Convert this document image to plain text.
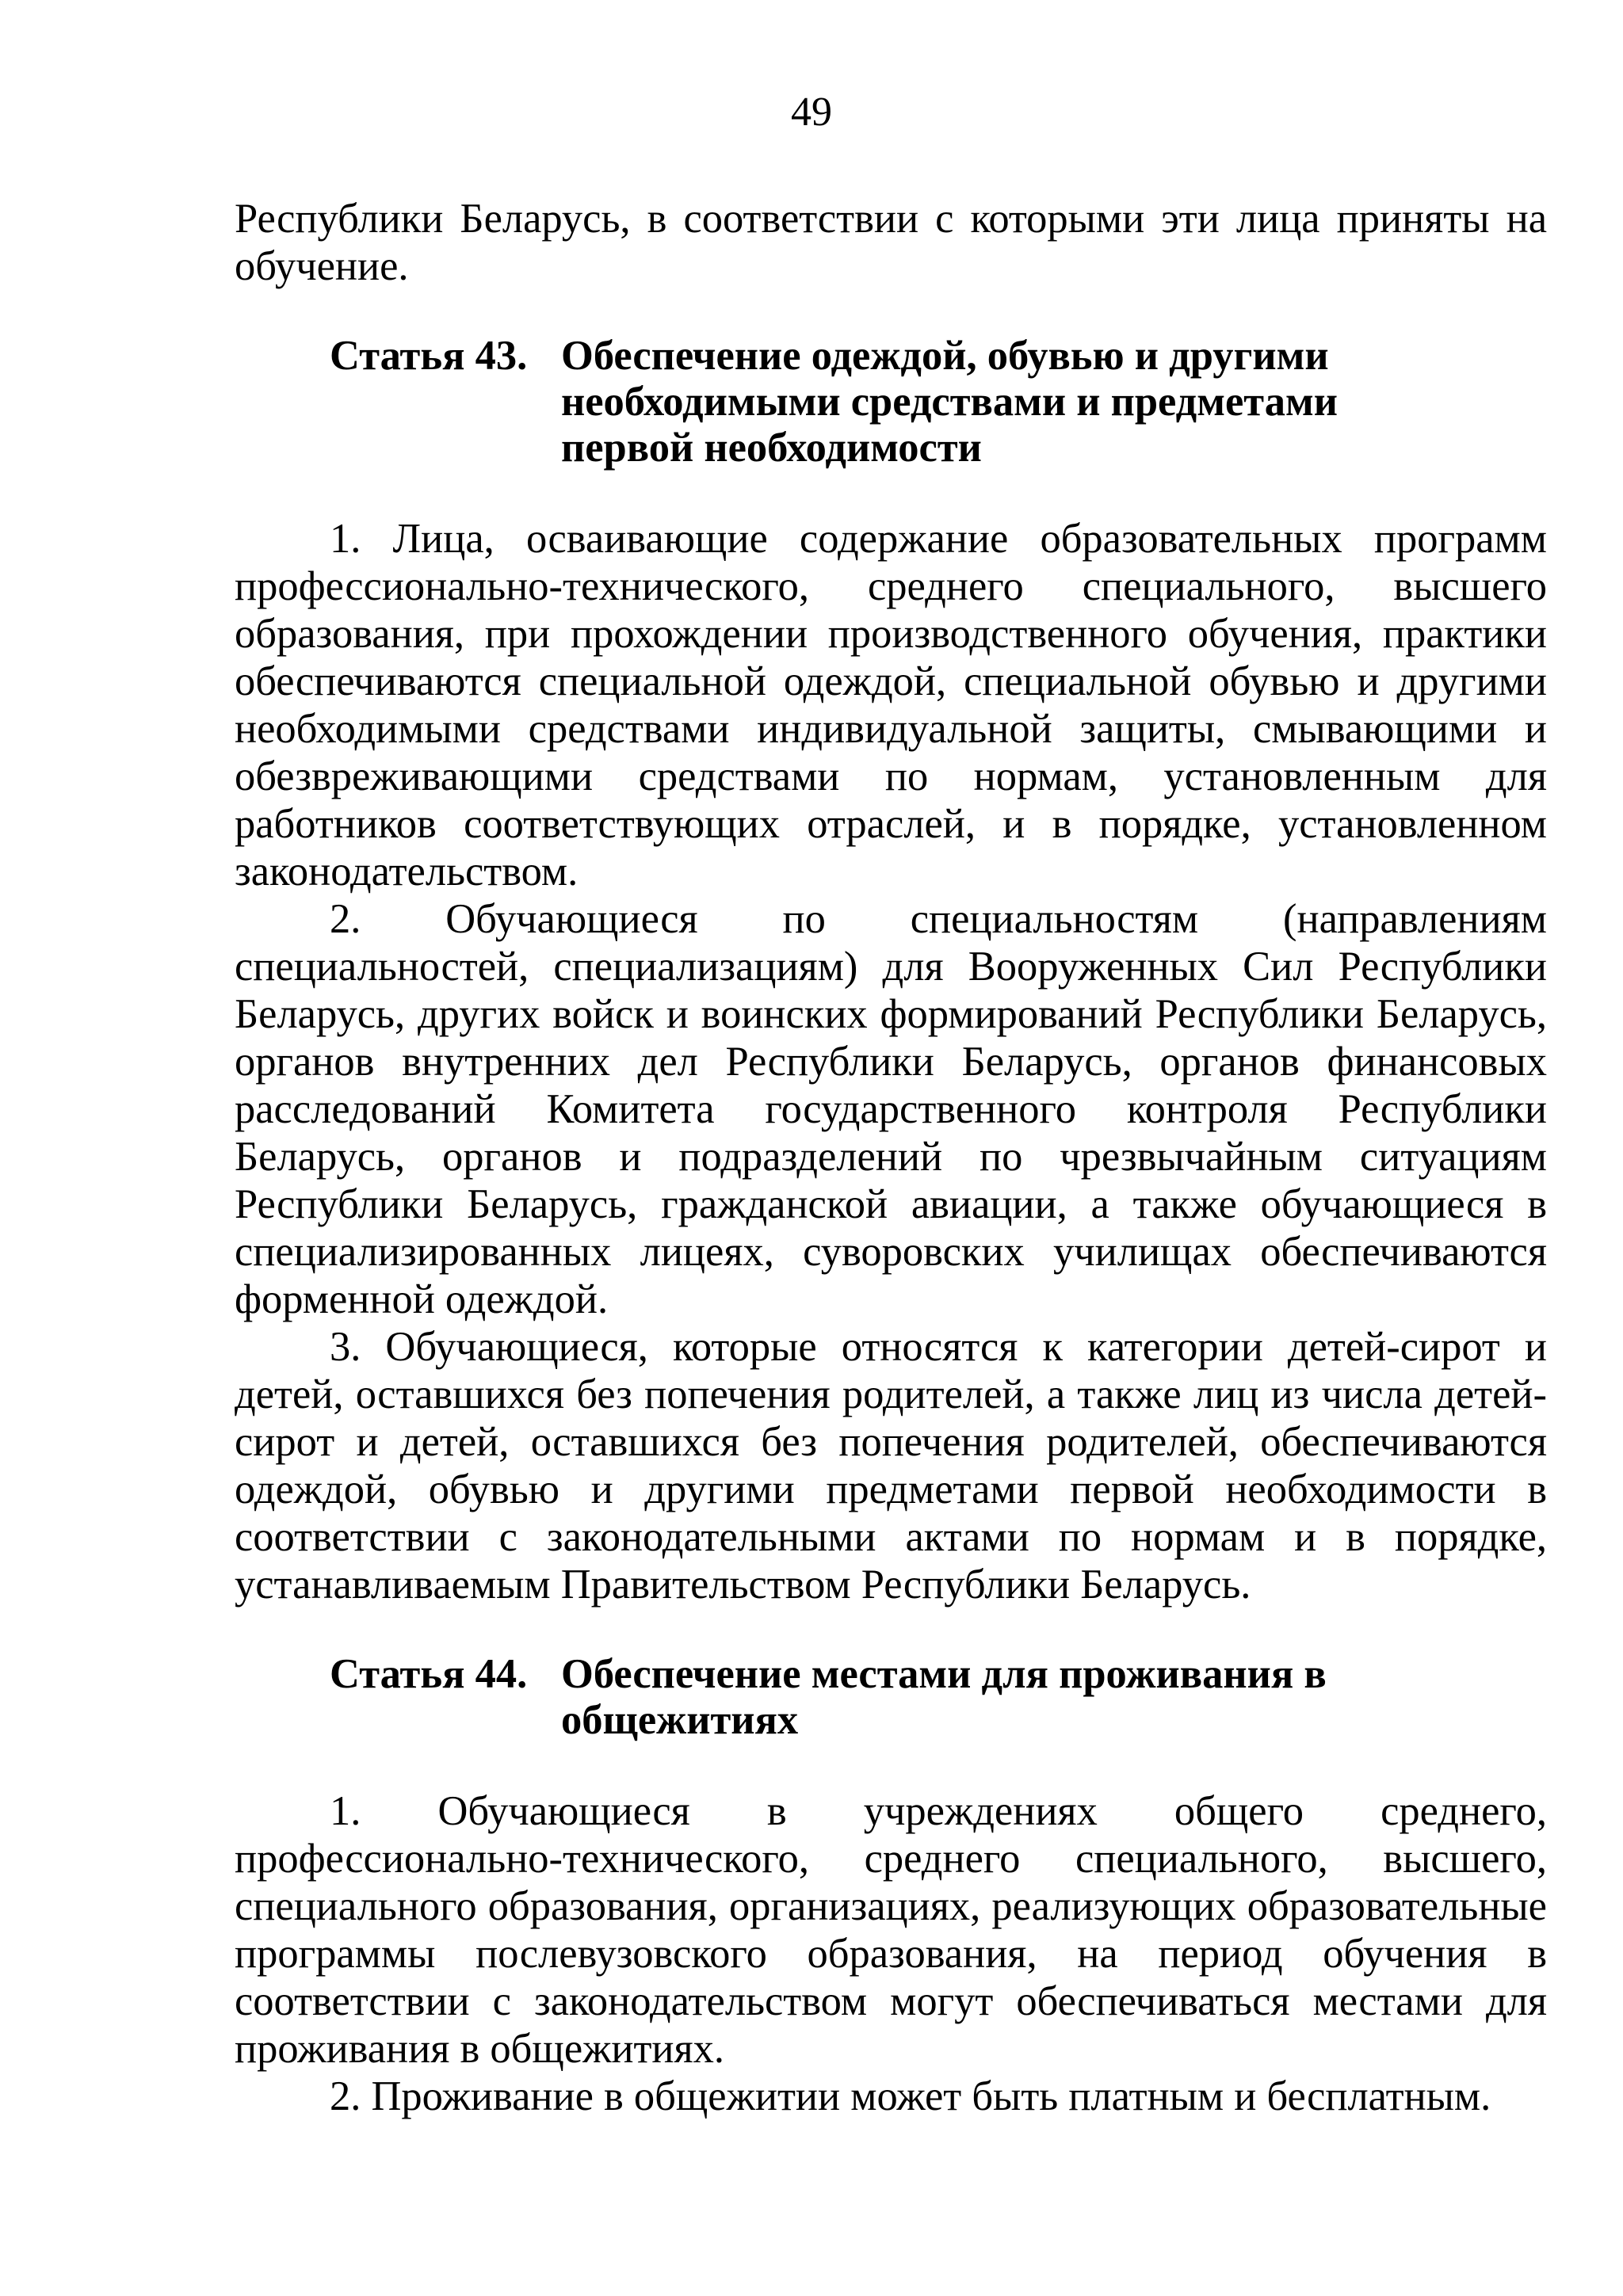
49

Республики Беларусь, в соответствии с которыми эти лица приняты на обучение.

Статья 43. Обеспечение одеждой, обувью и другими необходимыми средствами и предметами первой необходимости

1. Лица, осваивающие содержание образовательных программ профессионально-технического, среднего специального, высшего образования, при прохождении производственного обучения, практики обеспечиваются специальной одеждой, специальной обувью и другими необходимыми средствами индивидуальной защиты, смывающими и обезвреживающими средствами по нормам, установленным для работников соответствующих отраслей, и в порядке, установленном законодательством.

2. Обучающиеся по специальностям (направлениям специальностей, специализациям) для Вооруженных Сил Республики Беларусь, других войск и воинских формирований Республики Беларусь, органов внутренних дел Республики Беларусь, органов финансовых расследований Комитета государственного контроля Республики Беларусь, органов и подразделений по чрезвычайным ситуациям Республики Беларусь, гражданской авиации, а также обучающиеся в специализированных лицеях, суворовских училищах обеспечиваются форменной одеждой.

3. Обучающиеся, которые относятся к категории детей-сирот и детей, оставшихся без попечения родителей, а также лиц из числа детей-сирот и детей, оставшихся без попечения родителей, обеспечиваются одеждой, обувью и другими предметами первой необходимости в соответствии с законодательными актами по нормам и в порядке, устанавливаемым Правительством Республики Беларусь.

Статья 44. Обеспечение местами для проживания в общежитиях

1. Обучающиеся в учреждениях общего среднего, профессионально-технического, среднего специального, высшего, специального образования, организациях, реализующих образовательные программы послевузовского образования, на период обучения в соответствии с законодательством могут обеспечиваться местами для проживания в общежитиях.

2. Проживание в общежитии может быть платным и бесплатным.
